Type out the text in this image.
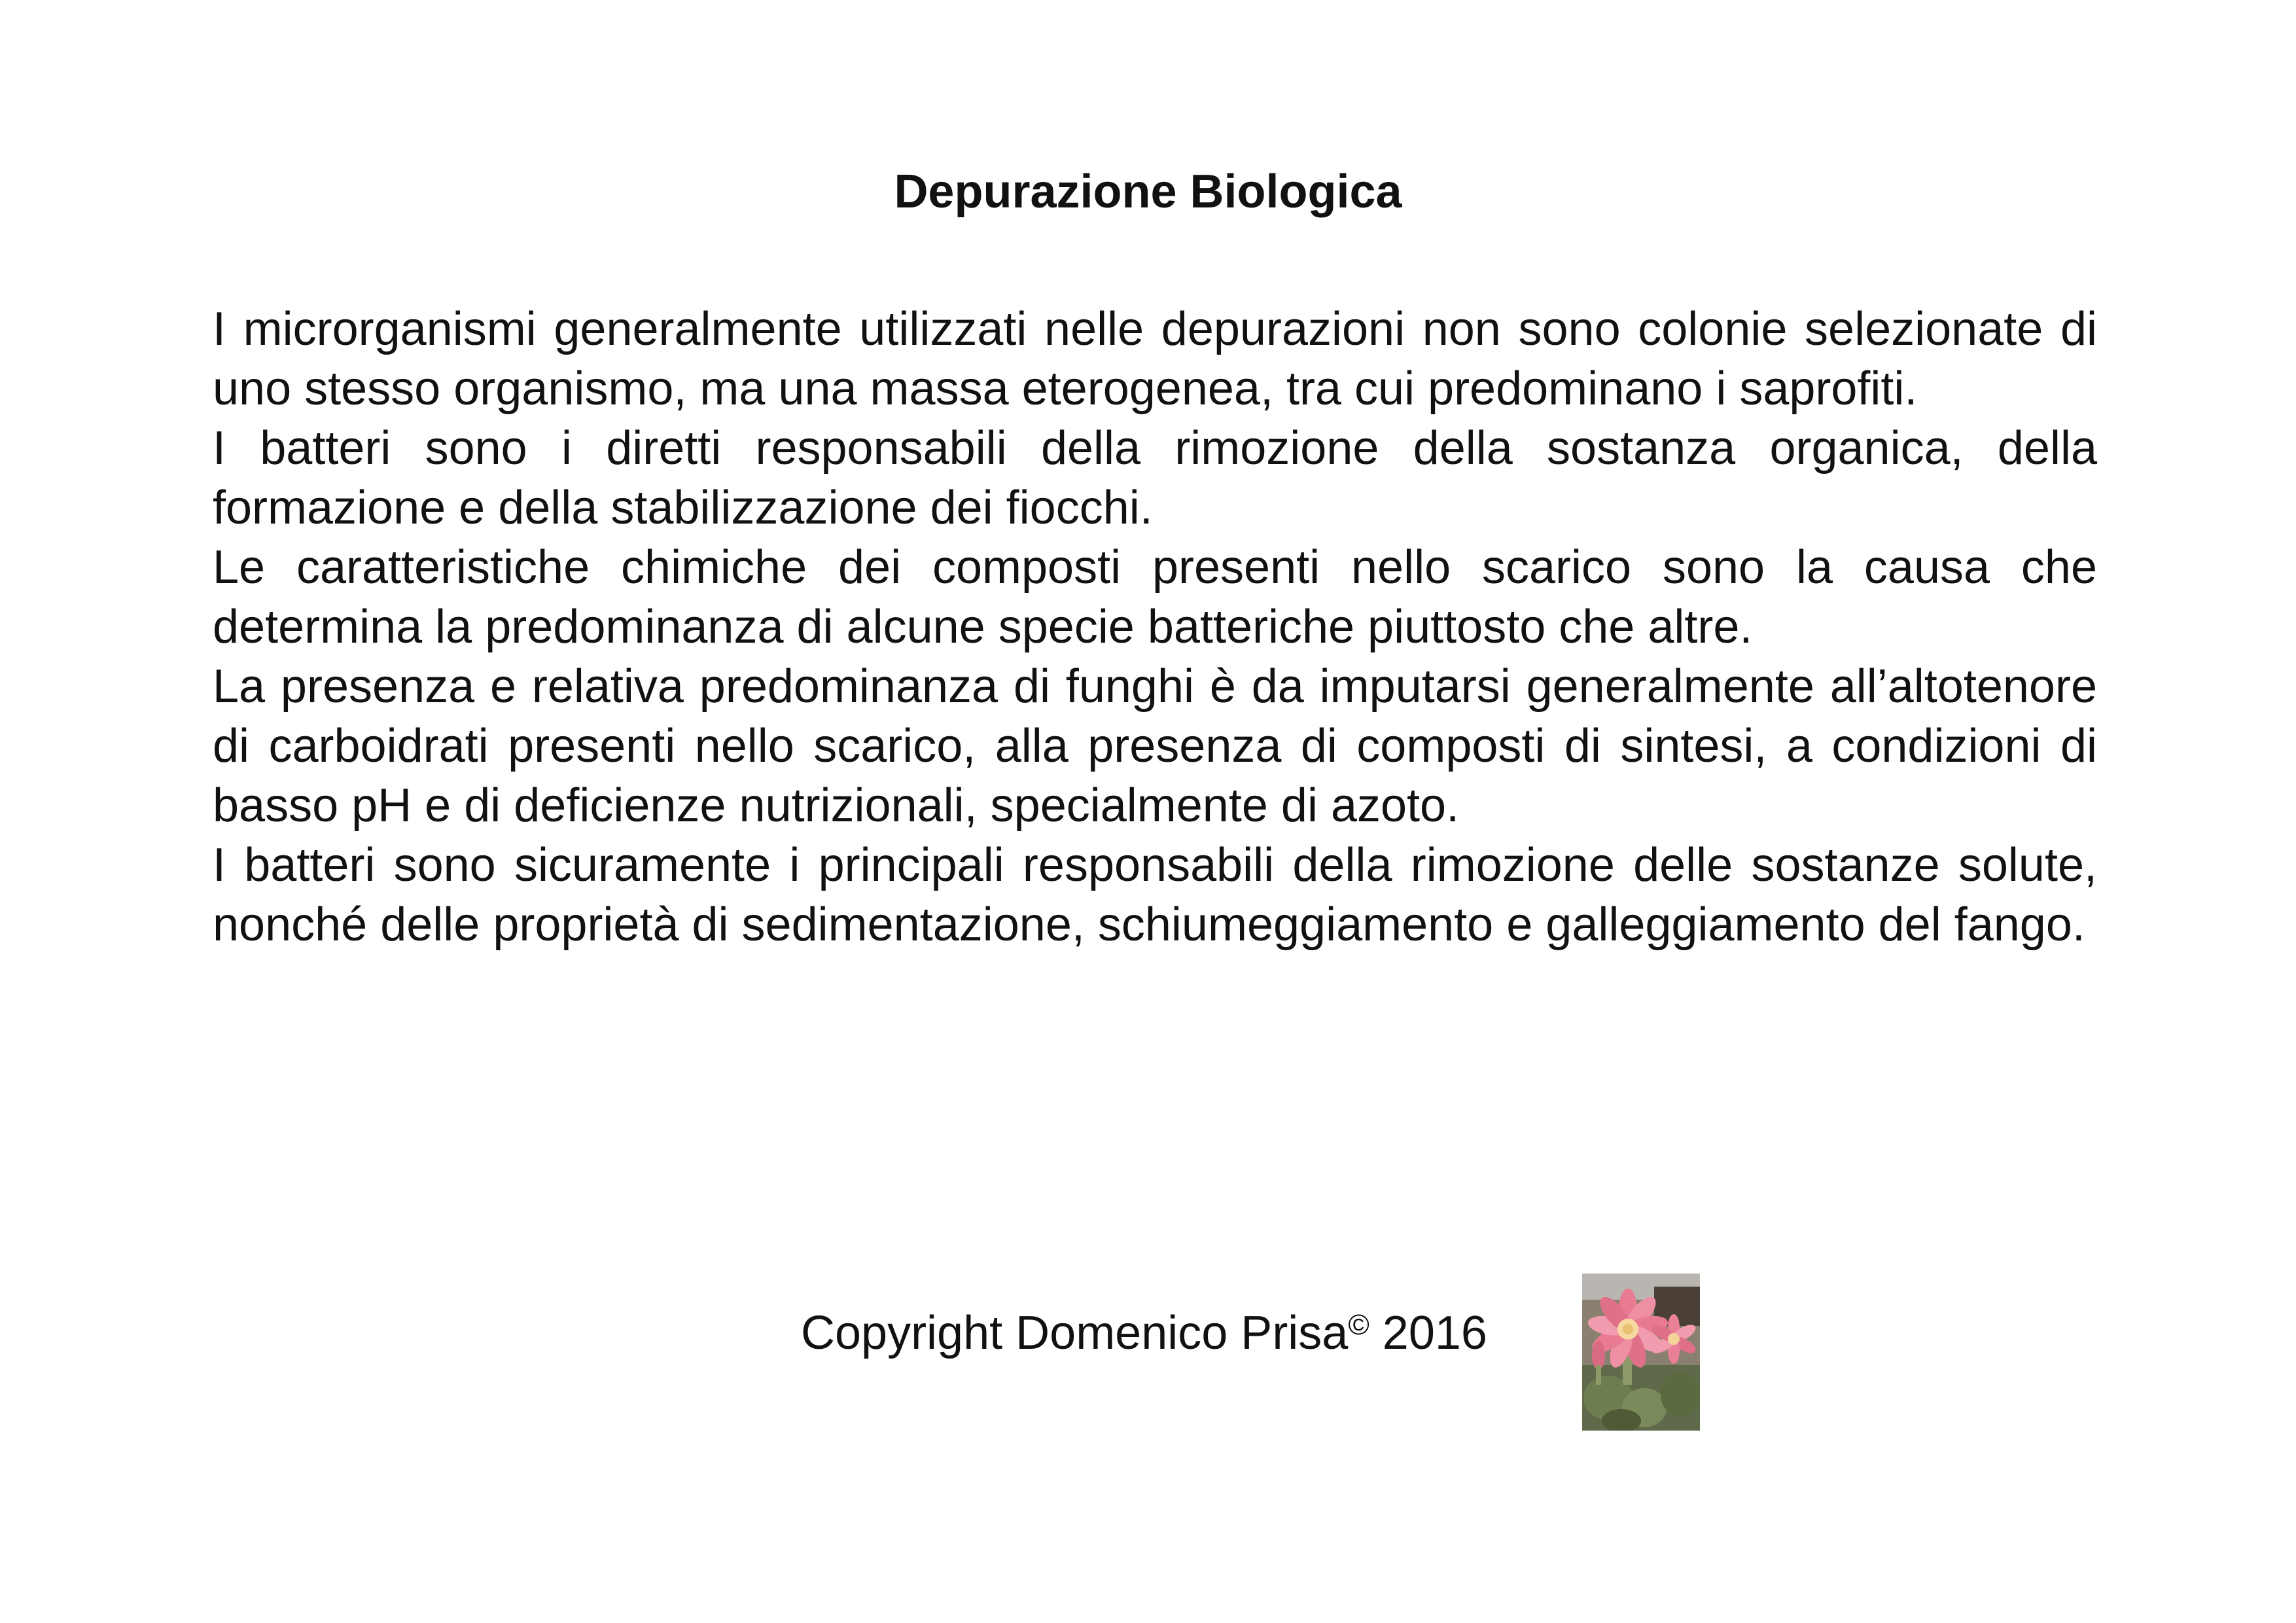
Depurazione Biologica

I microrganismi generalmente utilizzati nelle depurazioni non sono colonie selezionate di uno stesso organismo, ma una massa eterogenea, tra cui predominano i saprofiti.

I batteri sono i diretti responsabili della rimozione della sostanza organica, della formazione e della stabilizzazione dei fiocchi.

Le caratteristiche chimiche dei composti presenti nello scarico sono la causa che determina la predominanza di alcune specie batteriche piuttosto che altre.

La presenza e relativa predominanza di funghi è da imputarsi generalmente all’altotenore di carboidrati presenti nello scarico, alla presenza di composti di sintesi, a condizioni di basso pH e di deficienze nutrizionali, specialmente di azoto.

I batteri sono sicuramente i principali responsabili della rimozione delle sostanze solute, nonché delle proprietà di sedimentazione, schiumeggiamento e galleggiamento del fango.

Copyright Domenico Prisa© 2016
